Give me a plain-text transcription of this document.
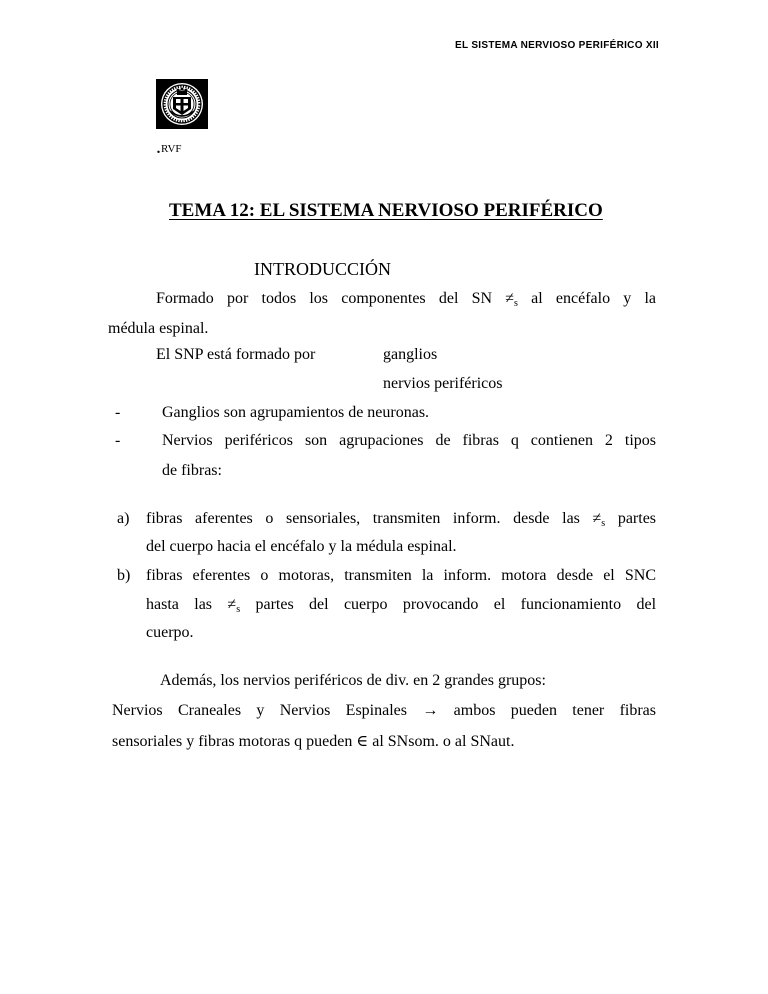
EL SISTEMA NERVIOSO PERIFÉRICO XII
.RVF
TEMA 12: EL SISTEMA NERVIOSO PERIFÉRICO
INTRODUCCIÓN
Formado por todos los componentes del SN $\ne_s$ al encéfalo y la
médula espinal.
El SNP está formado por	ganglios
nervios periféricos
-	Ganglios son agrupamientos de neuronas.
-	Nervios periféricos son agrupaciones de fibras q contienen 2 tipos
de fibras:
a) fibras aferentes o sensoriales, transmiten inform. desde las $\ne_s$ partes
del cuerpo hacia el encéfalo y la médula espinal.
b) fibras eferentes o motoras, transmiten la inform. motora desde el SNC
hasta las $\ne_s$ partes del cuerpo provocando el funcionamiento del
cuerpo.
Además, los nervios periféricos de div. en 2 grandes grupos:
Nervios Craneales y Nervios Espinales → ambos pueden tener fibras
sensoriales y fibras motoras q pueden ∈ al SNsom. o al SNaut.
